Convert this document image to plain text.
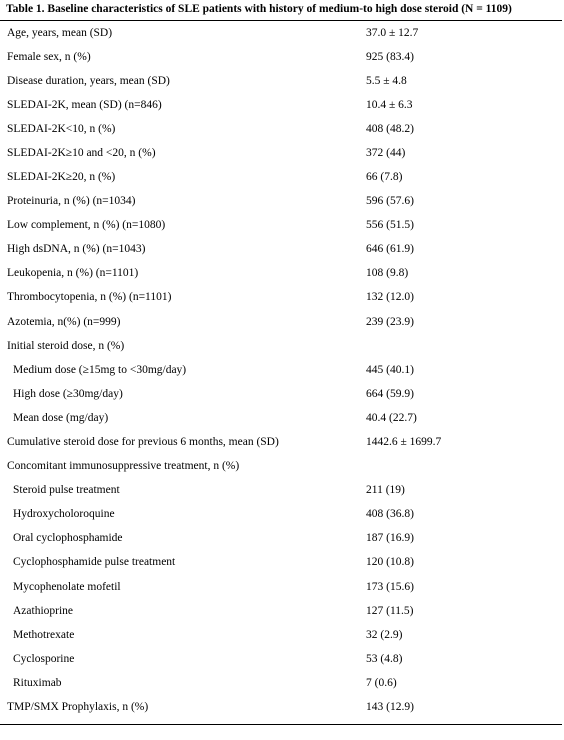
Table 1. Baseline characteristics of SLE patients with history of medium-to high dose steroid (N = 1109)
Age, years, mean (SD)	37.0 ± 12.7
Female sex, n (%)	925 (83.4)
Disease duration, years, mean (SD)	5.5 ± 4.8
SLEDAI-2K, mean (SD) (n=846)	10.4 ± 6.3
SLEDAI-2K<10, n (%)	408 (48.2)
SLEDAI-2K≥10 and <20, n (%)	372 (44)
SLEDAI-2K≥20, n (%)	66 (7.8)
Proteinuria, n (%) (n=1034)	596 (57.6)
Low complement, n (%) (n=1080)	556 (51.5)
High dsDNA, n (%) (n=1043)	646 (61.9)
Leukopenia, n (%) (n=1101)	108 (9.8)
Thrombocytopenia, n (%) (n=1101)	132 (12.0)
Azotemia, n(%) (n=999)	239 (23.9)
Initial steroid dose, n (%)
Medium dose (≥15mg to <30mg/day)	445 (40.1)
High dose (≥30mg/day)	664 (59.9)
Mean dose (mg/day)	40.4 (22.7)
Cumulative steroid dose for previous 6 months, mean (SD)	1442.6 ± 1699.7
Concomitant immunosuppressive treatment, n (%)
Steroid pulse treatment	211 (19)
Hydroxycholoroquine	408 (36.8)
Oral cyclophosphamide	187 (16.9)
Cyclophosphamide pulse treatment	120 (10.8)
Mycophenolate mofetil	173 (15.6)
Azathioprine	127 (11.5)
Methotrexate	32 (2.9)
Cyclosporine	53 (4.8)
Rituximab	7 (0.6)
TMP/SMX Prophylaxis, n (%)	143 (12.9)
